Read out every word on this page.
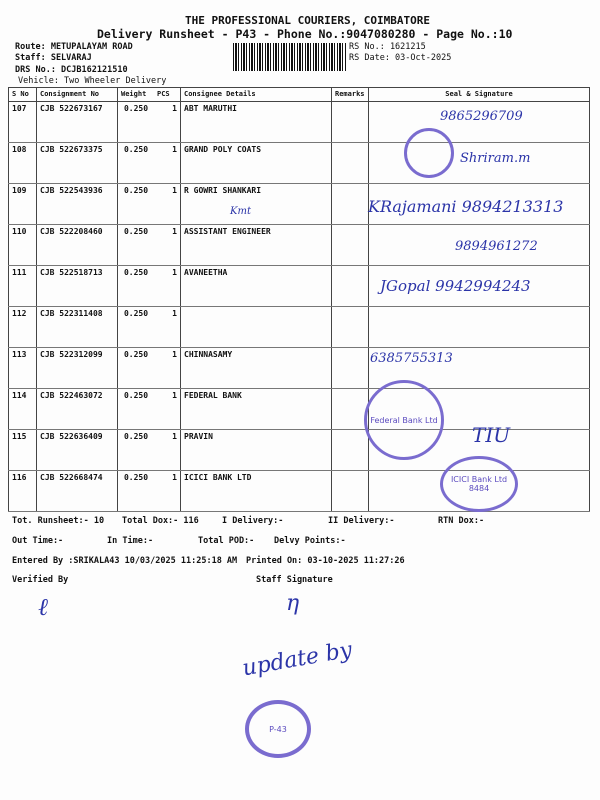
THE PROFESSIONAL COURIERS, COIMBATORE
Delivery Runsheet - P43 - Phone No.:9047080280 - Page No.:10
Route: METUPALAYAM ROAD
Staff: SELVARAJ
DRS No.: DCJB162121510
Vehicle: Two Wheeler Delivery
RS No.: 1621215
RS Date: 03-Oct-2025
S No	Consignment No	Weight	PCS	Consignee Details	Remarks	Seal & Signature
107	CJB 522673167	0.250	1	ABT MARUTHI		
108	CJB 522673375	0.250	1	GRAND POLY COATS		
109	CJB 522543936	0.250	1	R GOWRI SHANKARI		
110	CJB 522208460	0.250	1	ASSISTANT ENGINEER		
111	CJB 522518713	0.250	1	AVANEETHA		
112	CJB 522311408	0.250	1			
113	CJB 522312099	0.250	1	CHINNASAMY		
114	CJB 522463072	0.250	1	FEDERAL BANK		
115	CJB 522636409	0.250	1	PRAVIN		
116	CJB 522668474	0.250	1	ICICI BANK LTD		
Tot. Runsheet:- 10 Total Dox:- 116	I Delivery:-	II Delivery:-	RTN Dox:-
Out Time:-	In Time:-	Total POD:- Delvy Points:-
Entered By :SRIKALA43 10/03/2025 11:25:18 AM Printed On: 03-10-2025 11:27:26
Verified By	Staff Signature
Federal Bank Ltd
ICICI Bank Ltd 8484
P-43
9865296709
Shriram.m
Kmt	KRajamani 9894213313
9894961272
JGopal 9942994243
6385755313
TIU
update by
ℓ	η
